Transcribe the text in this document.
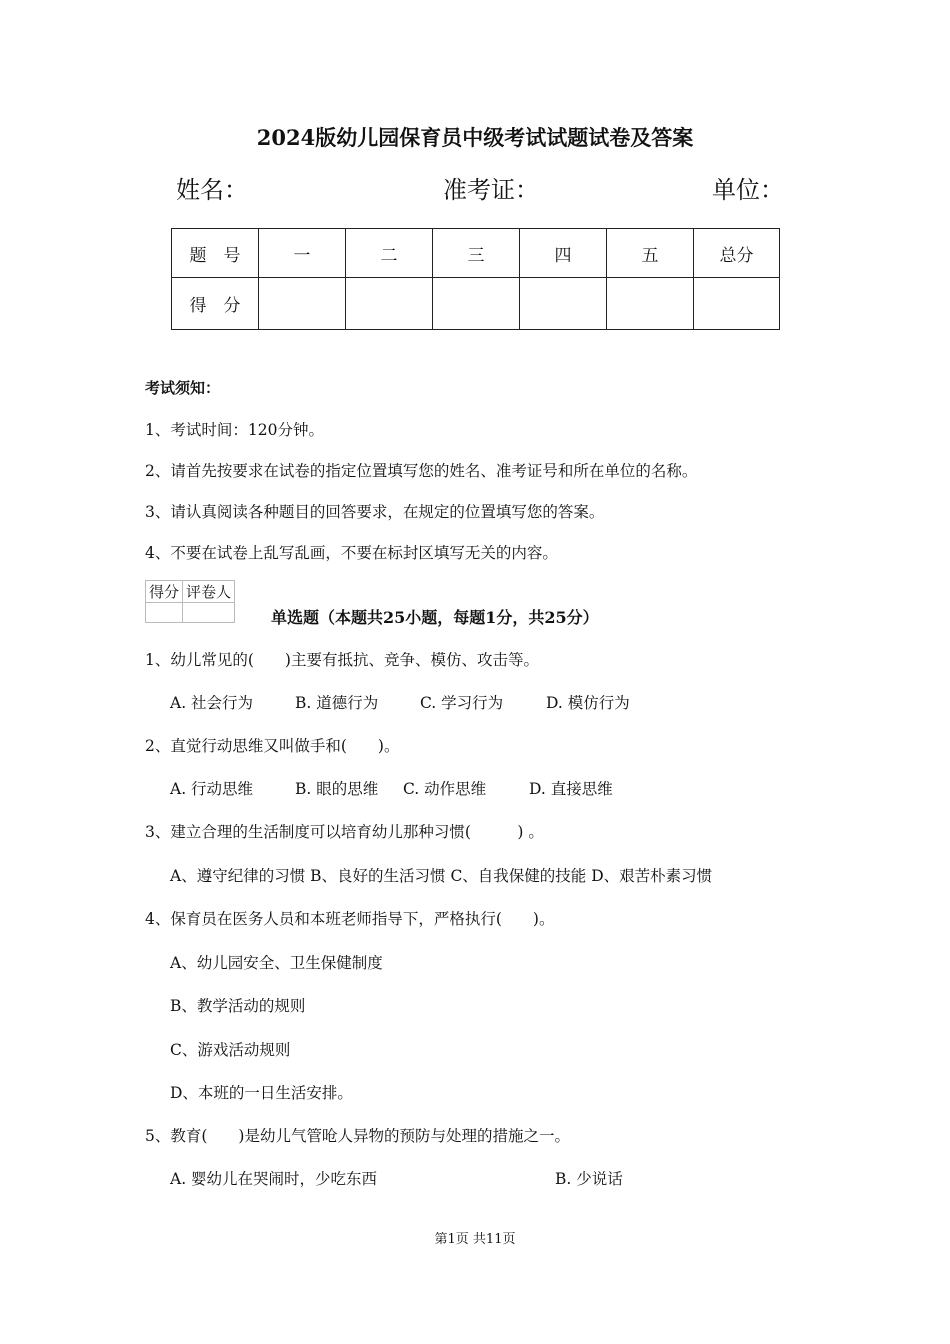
2024版幼儿园保育员中级考试试题试卷及答案
姓名：	准考证：	单位：
题　号	一	二	三	四	五	总分
得　分						
考试须知：
1、考试时间：120分钟。
2、请首先按要求在试卷的指定位置填写您的姓名、准考证号和所在单位的名称。
3、请认真阅读各种题目的回答要求，在规定的位置填写您的答案。
4、不要在试卷上乱写乱画，不要在标封区填写无关的内容。
得分	评卷人

单选题（本题共25小题，每题1分，共25分）
1、幼儿常见的(　　)主要有抵抗、竞争、模仿、攻击等。
A. 社会行为	B. 道德行为	C. 学习行为	D. 模仿行为
2、直觉行动思维又叫做手和(　　)。
A. 行动思维	B. 眼的思维 C. 动作思维	D. 直接思维
3、建立合理的生活制度可以培育幼儿那种习惯(　　　) 。
A、遵守纪律的习惯 B、良好的生活习惯 C、自我保健的技能 D、艰苦朴素习惯
4、保育员在医务人员和本班老师指导下，严格执行(　　)。
A、幼儿园安全、卫生保健制度
B、教学活动的规则
C、游戏活动规则
D、本班的一日生活安排。
5、教育(　　)是幼儿气管呛人异物的预防与处理的措施之一。
A. 婴幼儿在哭闹时，少吃东西	B. 少说话
第1页 共11页
